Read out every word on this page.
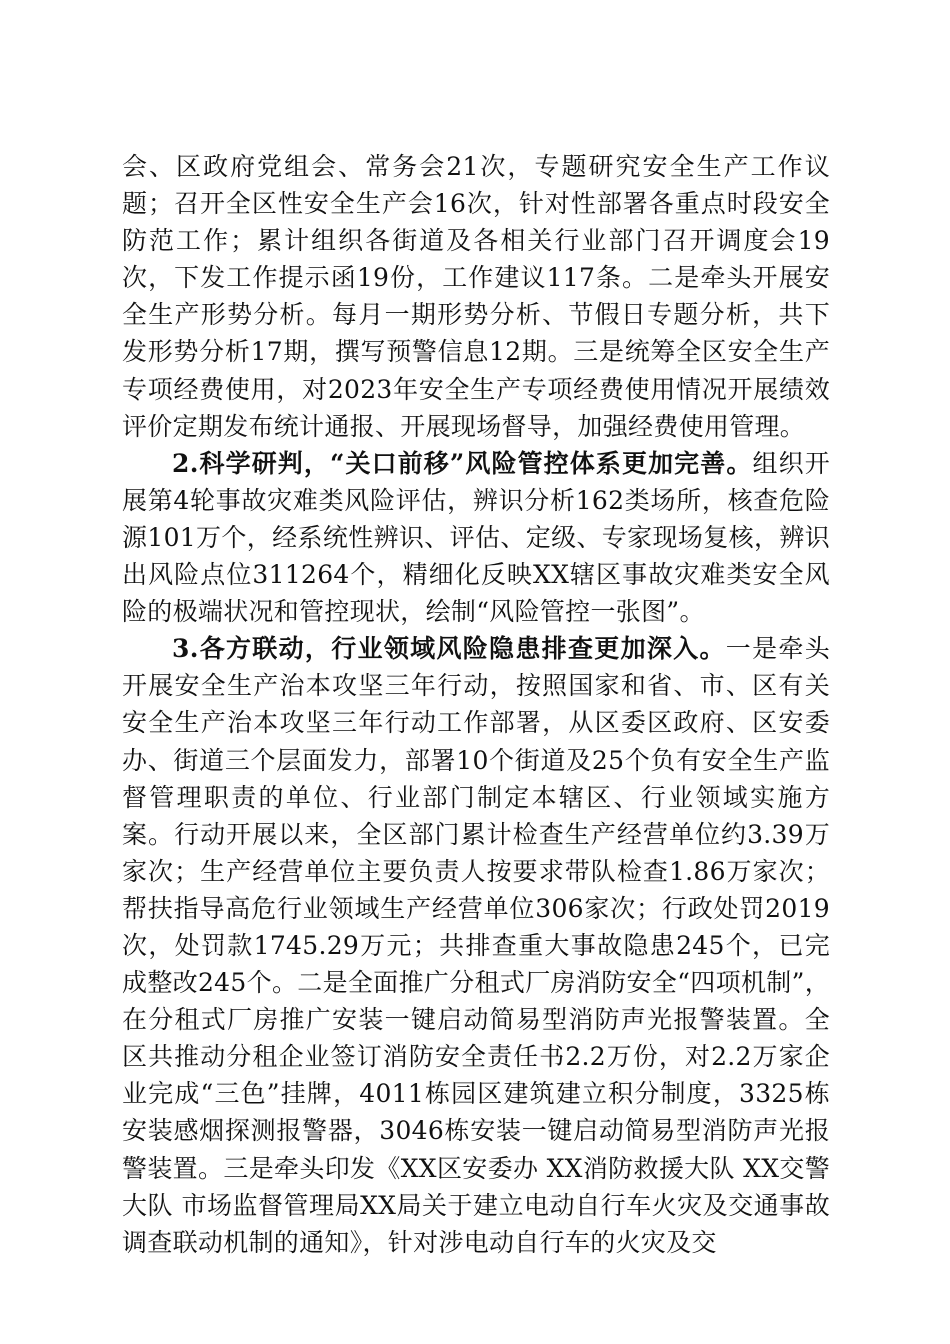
会、区政府党组会、常务会21次，专题研究安全生产工作议题；召开全区性安全生产会16次，针对性部署各重点时段安全防范工作；累计组织各街道及各相关行业部门召开调度会19次，下发工作提示函19份，工作建议117条。二是牵头开展安全生产形势分析。每月一期形势分析、节假日专题分析，共下发形势分析17期，撰写预警信息12期。三是统筹全区安全生产专项经费使用，对2023年安全生产专项经费使用情况开展绩效评价定期发布统计通报、开展现场督导，加强经费使用管理。

2.科学研判，“关口前移”风险管控体系更加完善。组织开展第4轮事故灾难类风险评估，辨识分析162类场所，核查危险源101万个，经系统性辨识、评估、定级、专家现场复核，辨识出风险点位311264个，精细化反映XX辖区事故灾难类安全风险的极端状况和管控现状，绘制“风险管控一张图”。

3.各方联动，行业领域风险隐患排查更加深入。一是牵头开展安全生产治本攻坚三年行动，按照国家和省、市、区有关安全生产治本攻坚三年行动工作部署，从区委区政府、区安委办、街道三个层面发力，部署10个街道及25个负有安全生产监督管理职责的单位、行业部门制定本辖区、行业领域实施方案。行动开展以来，全区部门累计检查生产经营单位约3.39万家次；生产经营单位主要负责人按要求带队检查1.86万家次；帮扶指导高危行业领域生产经营单位306家次；行政处罚2019次，处罚款1745.29万元；共排查重大事故隐患245个，已完成整改245个。二是全面推广分租式厂房消防安全“四项机制”，在分租式厂房推广安装一键启动简易型消防声光报警装置。全区共推动分租企业签订消防安全责任书2.2万份，对2.2万家企业完成“三色”挂牌，4011栋园区建筑建立积分制度，3325栋安装感烟探测报警器，3046栋安装一键启动简易型消防声光报警装置。三是牵头印发《XX区安委办 XX消防救援大队 XX交警大队 市场监督管理局XX局关于建立电动自行车火灾及交通事故调查联动机制的通知》，针对涉电动自行车的火灾及交
